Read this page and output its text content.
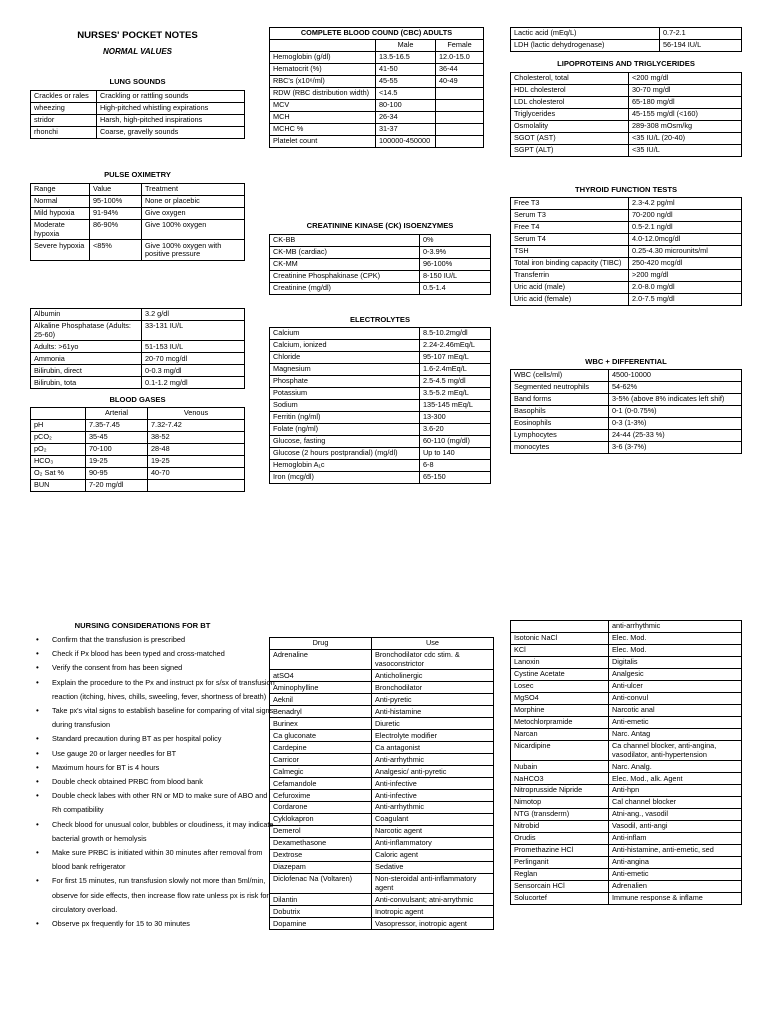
NURSES' POCKET NOTES
NORMAL VALUES
LUNG SOUNDS
Crackles or rales	Crackling or rattling sounds
wheezing	High-pitched whistling expirations
stridor	Harsh, high-pitched inspirations
rhonchi	Coarse, gravelly sounds
PULSE OXIMETRY
Range	Value	Treatment
Normal	95-100%	None or placebic
Mild hypoxia	91-94%	Give oxygen
Moderate hypoxia	86-90%	Give 100% oxygen
Severe hypoxia	<85%	Give 100% oxygen with positive pressure
Albumin	3.2 g/dl
Alkaline Phosphatase (Adults: 25-60)	33-131 IU/L
Adults: >61yo	51-153 IU/L
Ammonia	20-70 mcg/dl
Bilirubin, direct	0-0.3 mg/dl
Bilirubin, tota	0.1-1.2 mg/dl
BLOOD GASES
	Arterial	Venous
pH	7.35-7.45	7.32-7.42
pCO₂	35-45	38-52
pO₂	70-100	28-48
HCO₃	19-25	19-25
O₂ Sat %	90-95	40-70
BUN	7-20 mg/dl	
COMPLETE BLOOD COUND (CBC) ADULTS		
	Male	Female
Hemoglobin (g/dl)	13.5-16.5	12.0-15.0
Hematocrit (%)	41-50	36-44
RBC's (x10⁶/ml)	45-55	40-49
RDW (RBC distribution width)	<14.5	
MCV	80-100	
MCH	26-34	
MCHC %	31-37	
Platelet count	100000-450000	
CREATININE KINASE (CK) ISOENZYMES
CK-BB	0%
CK-MB (cardiac)	0-3.9%
CK-MM	96-100%
Creatinine Phosphakinase (CPK)	8-150 IU/L
Creatinine (mg/dl)	0.5-1.4
ELECTROLYTES
Calcium	8.5-10.2mg/dl
Calcium, ionized	2.24-2.46mEq/L
Chloride	95-107 mEq/L
Magnesium	1.6-2.4mEq/L
Phosphate	2.5-4.5 mg/dl
Potassium	3.5-5.2 mEq/L
Sodium	135-145 mEq/L
Ferritin (ng/ml)	13-300
Folate (ng/ml)	3.6-20
Glucose, fasting	60-110 (mg/dl)
Glucose (2 hours postprandial) (mg/dl)	Up to 140
Hemoglobin A₁c	6-8
Iron (mcg/dl)	65-150
Lactic acid (mEq/L)	0.7-2.1
LDH (lactic dehydrogenase)	56-194 IU/L
LIPOPROTEINS AND TRIGLYCERIDES
Cholesterol, total	<200 mg/dl
HDL cholesterol	30-70 mg/dl
LDL cholesterol	65-180 mg/dl
Triglycerides	45-155 mg/dl (<160)
Osmolality	289-308 mOsm/kg
SGOT (AST)	<35 IU/L (20-40)
SGPT (ALT)	<35 IU/L
THYROID FUNCTION TESTS
Free T3	2.3-4.2 pg/ml
Serum T3	70-200 ng/dl
Free T4	0.5-2.1 ng/dl
Serum T4	4.0-12.0mcg/dl
TSH	0.25-4.30 microunits/ml
Total iron binding capacity (TIBC)	250-420 mcg/dl
Transferrin	>200 mg/dl
Uric acid (male)	2.0-8.0 mg/dl
Uric acid (female)	2.0-7.5 mg/dl
WBC + DIFFERENTIAL
WBC (cells/ml)	4500-10000
Segmented neutrophils	54-62%
Band forms	3-5% (above 8% indicates left shif)
Basophils	0-1 (0-0.75%)
Eosinophils	0-3 (1-3%)
Lymphocytes	24-44 (25-33 %)
monocytes	3-6 (3-7%)
NURSING CONSIDERATIONS FOR BT
• Confirm that the transfusion is prescribed
• Check if Px blood has been typed and cross-matched
• Verify the consent from has been signed
• Explain the procedure to the Px and instruct px for s/sx of transfusion reaction (itching, hives, chills, sweeling, fever, shortness of breath)
• Take px's vital signs to establish baseline for comparing of vital signs during transfusion
• Standard precaution during BT as per hospital policy
• Use gauge 20 or larger needles for BT
• Maximum hours for BT is 4 hours
• Double check obtained PRBC from blood bank
• Double check labes with other RN or MD to make sure of ABO and Rh compatibility
• Check blood for unusual color, bubbles or cloudiness, it may indicate bacterial growth or hemolysis
• Make sure PRBC is initiated within 30 minutes after removal from blood bank refrigerator
• For first 15 minutes, run transfusion slowly not more than 5ml/min, observe for side effects, then increase flow rate unless px is risk for circulatory overload.
• Observe px frequently for 15 to 30 minutes
Drug	Use
Adrenaline	Bronchodilator cdc stim. & vasoconstrictor
atSO4	Anticholinergic
Aminophylline	Bronchodilator
Aeknil	Anti-pyretic
Benadryl	Anti-histamine
Burinex	Diuretic
Ca gluconate	Electrolyte modifier
Cardepine	Ca antagonist
Carricor	Anti-arrhythmic
Calmegic	Analgesic/ anti-pyretic
Cefamandole	Anti-infective
Cefuroxime	Anti-infective
Cordarone	Anti-arrhythmic
Cyklokapron	Coagulant
Demerol	Narcotic agent
Dexamethasone	Anti-inflammatory
Dextrose	Caloric agent
Diazepam	Sedative
Diclofenac Na (Voltaren)	Non-steroidal anti-inflammatory agent
Dilantin	Anti-convulsant; atni-arrythmic
Dobutrix	Inotropic agent
Dopamine	Vasopressor, inotropic agent
	anti-arrhythmic
Isotonic NaCl	Elec. Mod.
KCl	Elec. Mod.
Lanoxin	Digitalis
Cystine Acetate	Analgesic
Losec	Anti-ulcer
MgSO4	Anti-convul
Morphine	Narcotic anal
Metochlorpramide	Anti-emetic
Narcan	Narc. Antag
Nicardipine	Ca channel blocker, anti-angina, vasodilator, anti-hypertension
Nubain	Narc. Analg.
NaHCO3	Elec. Mod., alk. Agent
Nitroprusside Nipride	Anti-hpn
Nimotop	Cal channel blocker
NTG (transderm)	Atni-ang., vasodil
Nitrobid	Vasodil, anti-angi
Orudis	Anti-inflam
Promethazine HCl	Anti-histamine, anti-emetic, sed
Perlinganit	Anti-angina
Reglan	Anti-emetic
Sensorcain HCl	Adrenalien
Solucortef	Immune response & inflame
